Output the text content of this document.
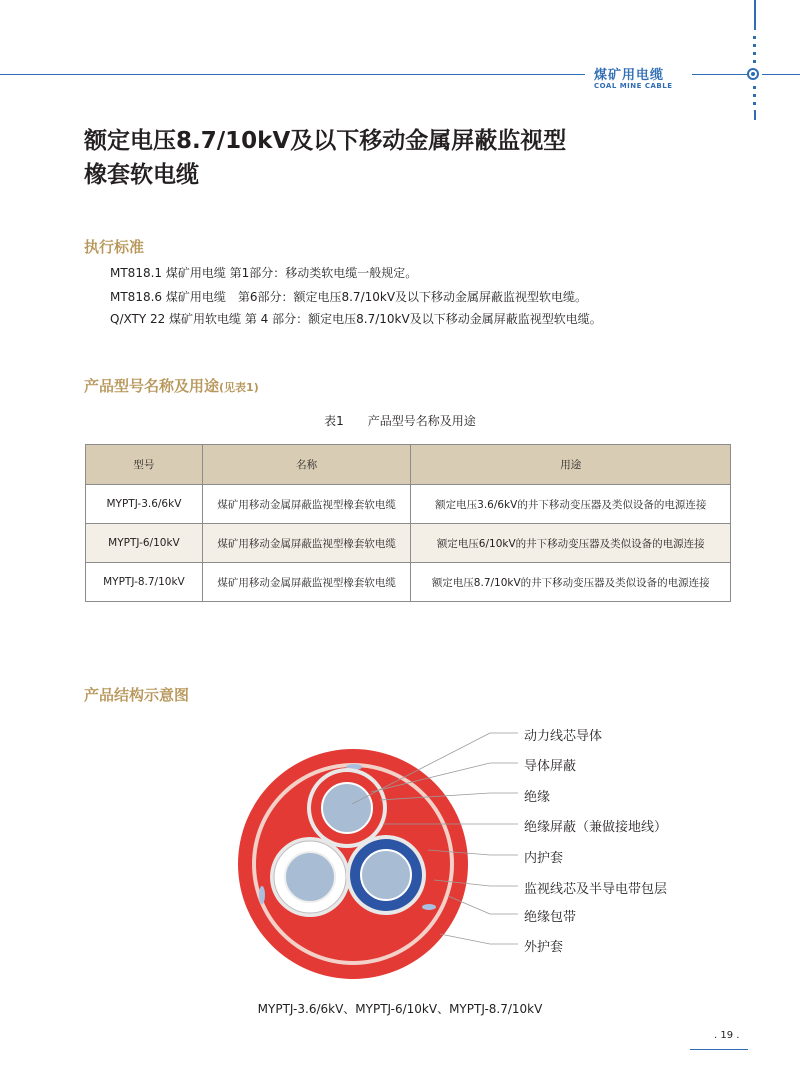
煤矿用电缆
COAL MINE CABLE
额定电压8.7/10kV及以下移动金属屏蔽监视型
橡套软电缆
执行标准
MT818.1 煤矿用电缆 第1部分：移动类软电缆一般规定。
MT818.6 煤矿用电缆　第6部分：额定电压8.7/10kV及以下移动金属屏蔽监视型软电缆。
Q/XTY 22 煤矿用软电缆 第 4 部分：额定电压8.7/10kV及以下移动金属屏蔽监视型软电缆。
产品型号名称及用途(见表1)
表1　　产品型号名称及用途
型号	名称	用途
MYPTJ-3.6/6kV	煤矿用移动金属屏蔽监视型橡套软电缆	额定电压3.6/6kV的井下移动变压器及类似设备的电源连接
MYPTJ-6/10kV	煤矿用移动金属屏蔽监视型橡套软电缆	额定电压6/10kV的井下移动变压器及类似设备的电源连接
MYPTJ-8.7/10kV	煤矿用移动金属屏蔽监视型橡套软电缆	额定电压8.7/10kV的井下移动变压器及类似设备的电源连接
产品结构示意图
动力线芯导体
导体屏蔽
绝缘
绝缘屏蔽（兼做接地线）
内护套
监视线芯及半导电带包层
绝缘包带
外护套
MYPTJ-3.6/6kV、MYPTJ-6/10kV、MYPTJ-8.7/10kV
. 19 .
